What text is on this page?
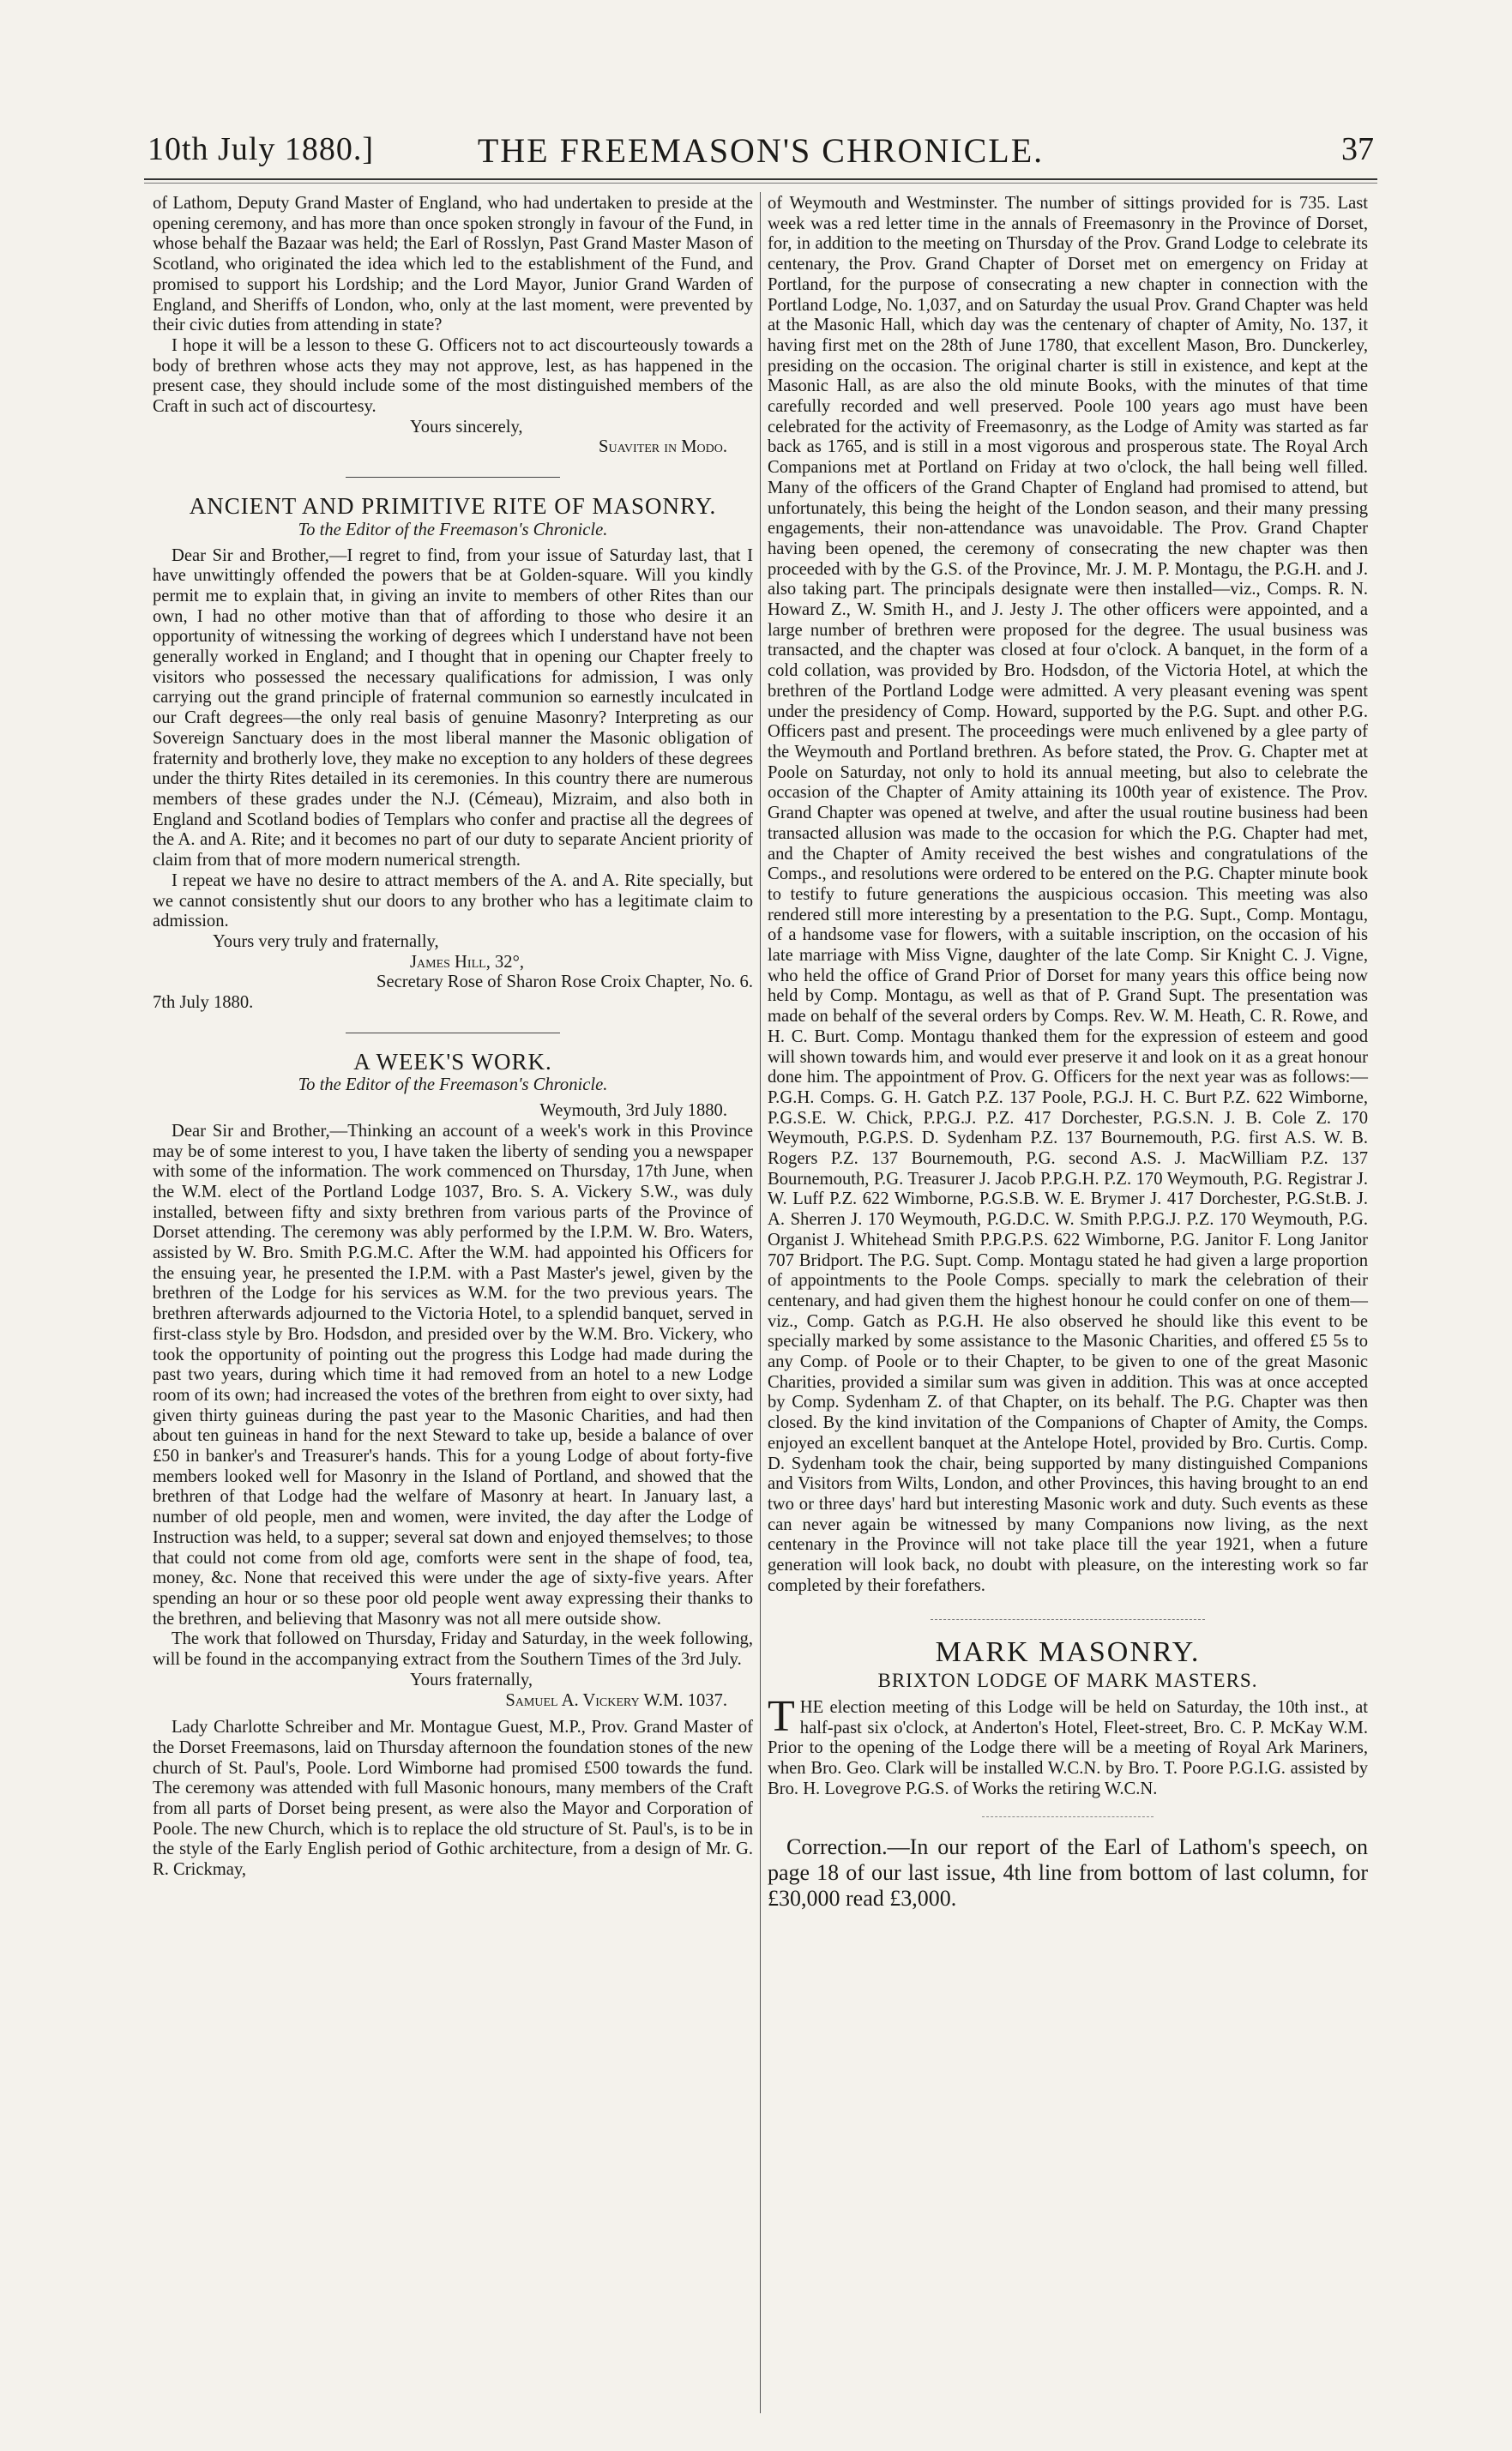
10th July 1880.]	THE FREEMASON'S CHRONICLE.	37

of Lathom, Deputy Grand Master of England, who had undertaken to preside at the opening ceremony, and has more than once spoken strongly in favour of the Fund, in whose behalf the Bazaar was held; the Earl of Rosslyn, Past Grand Master Mason of Scotland, who originated the idea which led to the establishment of the Fund, and promised to support his Lordship; and the Lord Mayor, Junior Grand Warden of England, and Sheriffs of London, who, only at the last moment, were prevented by their civic duties from attending in state?

I hope it will be a lesson to these G. Officers not to act discourteously towards a body of brethren whose acts they may not approve, lest, as has happened in the present case, they should include some of the most distinguished members of the Craft in such act of discourtesy.

Yours sincerely,

Suaviter in Modo.

ANCIENT AND PRIMITIVE RITE OF MASONRY.

To the Editor of the Freemason's Chronicle.

Dear Sir and Brother,—I regret to find, from your issue of Saturday last, that I have unwittingly offended the powers that be at Golden-square. Will you kindly permit me to explain that, in giving an invite to members of other Rites than our own, I had no other motive than that of affording to those who desire it an opportunity of witnessing the working of degrees which I understand have not been generally worked in England; and I thought that in opening our Chapter freely to visitors who possessed the necessary qualifications for admission, I was only carrying out the grand principle of fraternal communion so earnestly inculcated in our Craft degrees—the only real basis of genuine Masonry? Interpreting as our Sovereign Sanctuary does in the most liberal manner the Masonic obligation of fraternity and brotherly love, they make no exception to any holders of these degrees under the thirty Rites detailed in its ceremonies. In this country there are numerous members of these grades under the N.J. (Cémeau), Mizraim, and also both in England and Scotland bodies of Templars who confer and practise all the degrees of the A. and A. Rite; and it becomes no part of our duty to separate Ancient priority of claim from that of more modern numerical strength.

I repeat we have no desire to attract members of the A. and A. Rite specially, but we cannot consistently shut our doors to any brother who has a legitimate claim to admission.

Yours very truly and fraternally,

James Hill, 32°,

Secretary Rose of Sharon Rose Croix Chapter, No. 6.

7th July 1880.

A WEEK'S WORK.

To the Editor of the Freemason's Chronicle.

Weymouth, 3rd July 1880.

Dear Sir and Brother,—Thinking an account of a week's work in this Province may be of some interest to you, I have taken the liberty of sending you a newspaper with some of the information. The work commenced on Thursday, 17th June, when the W.M. elect of the Portland Lodge 1037, Bro. S. A. Vickery S.W., was duly installed, between fifty and sixty brethren from various parts of the Province of Dorset attending. The ceremony was ably performed by the I.P.M. W. Bro. Waters, assisted by W. Bro. Smith P.G.M.C. After the W.M. had appointed his Officers for the ensuing year, he presented the I.P.M. with a Past Master's jewel, given by the brethren of the Lodge for his services as W.M. for the two previous years. The brethren afterwards adjourned to the Victoria Hotel, to a splendid banquet, served in first-class style by Bro. Hodsdon, and presided over by the W.M. Bro. Vickery, who took the opportunity of pointing out the progress this Lodge had made during the past two years, during which time it had removed from an hotel to a new Lodge room of its own; had increased the votes of the brethren from eight to over sixty, had given thirty guineas during the past year to the Masonic Charities, and had then about ten guineas in hand for the next Steward to take up, beside a balance of over £50 in banker's and Treasurer's hands. This for a young Lodge of about forty-five members looked well for Masonry in the Island of Portland, and showed that the brethren of that Lodge had the welfare of Masonry at heart. In January last, a number of old people, men and women, were invited, the day after the Lodge of Instruction was held, to a supper; several sat down and enjoyed themselves; to those that could not come from old age, comforts were sent in the shape of food, tea, money, &c. None that received this were under the age of sixty-five years. After spending an hour or so these poor old people went away expressing their thanks to the brethren, and believing that Masonry was not all mere outside show.

The work that followed on Thursday, Friday and Saturday, in the week following, will be found in the accompanying extract from the Southern Times of the 3rd July.

Yours fraternally,

Samuel A. Vickery W.M. 1037.

Lady Charlotte Schreiber and Mr. Montague Guest, M.P., Prov. Grand Master of the Dorset Freemasons, laid on Thursday afternoon the foundation stones of the new church of St. Paul's, Poole. Lord Wimborne had promised £500 towards the fund. The ceremony was attended with full Masonic honours, many members of the Craft from all parts of Dorset being present, as were also the Mayor and Corporation of Poole. The new Church, which is to replace the old structure of St. Paul's, is to be in the style of the Early English period of Gothic architecture, from a design of Mr. G. R. Crickmay,

of Weymouth and Westminster. The number of sittings provided for is 735. Last week was a red letter time in the annals of Freemasonry in the Province of Dorset, for, in addition to the meeting on Thursday of the Prov. Grand Lodge to celebrate its centenary, the Prov. Grand Chapter of Dorset met on emergency on Friday at Portland, for the purpose of consecrating a new chapter in connection with the Portland Lodge, No. 1,037, and on Saturday the usual Prov. Grand Chapter was held at the Masonic Hall, which day was the centenary of chapter of Amity, No. 137, it having first met on the 28th of June 1780, that excellent Mason, Bro. Dunckerley, presiding on the occasion. The original charter is still in existence, and kept at the Masonic Hall, as are also the old minute Books, with the minutes of that time carefully recorded and well preserved. Poole 100 years ago must have been celebrated for the activity of Freemasonry, as the Lodge of Amity was started as far back as 1765, and is still in a most vigorous and prosperous state. The Royal Arch Companions met at Portland on Friday at two o'clock, the hall being well filled. Many of the officers of the Grand Chapter of England had promised to attend, but unfortunately, this being the height of the London season, and their many pressing engagements, their non-attendance was unavoidable. The Prov. Grand Chapter having been opened, the ceremony of consecrating the new chapter was then proceeded with by the G.S. of the Province, Mr. J. M. P. Montagu, the P.G.H. and J. also taking part. The principals designate were then installed—viz., Comps. R. N. Howard Z., W. Smith H., and J. Jesty J. The other officers were appointed, and a large number of brethren were proposed for the degree. The usual business was transacted, and the chapter was closed at four o'clock. A banquet, in the form of a cold collation, was provided by Bro. Hodsdon, of the Victoria Hotel, at which the brethren of the Portland Lodge were admitted. A very pleasant evening was spent under the presidency of Comp. Howard, supported by the P.G. Supt. and other P.G. Officers past and present. The proceedings were much enlivened by a glee party of the Weymouth and Portland brethren. As before stated, the Prov. G. Chapter met at Poole on Saturday, not only to hold its annual meeting, but also to celebrate the occasion of the Chapter of Amity attaining its 100th year of existence. The Prov. Grand Chapter was opened at twelve, and after the usual routine business had been transacted allusion was made to the occasion for which the P.G. Chapter had met, and the Chapter of Amity received the best wishes and congratulations of the Comps., and resolutions were ordered to be entered on the P.G. Chapter minute book to testify to future generations the auspicious occasion. This meeting was also rendered still more interesting by a presentation to the P.G. Supt., Comp. Montagu, of a handsome vase for flowers, with a suitable inscription, on the occasion of his late marriage with Miss Vigne, daughter of the late Comp. Sir Knight C. J. Vigne, who held the office of Grand Prior of Dorset for many years this office being now held by Comp. Montagu, as well as that of P. Grand Supt. The presentation was made on behalf of the several orders by Comps. Rev. W. M. Heath, C. R. Rowe, and H. C. Burt. Comp. Montagu thanked them for the expression of esteem and good will shown towards him, and would ever preserve it and look on it as a great honour done him. The appointment of Prov. G. Officers for the next year was as follows:—P.G.H. Comps. G. H. Gatch P.Z. 137 Poole, P.G.J. H. C. Burt P.Z. 622 Wimborne, P.G.S.E. W. Chick, P.P.G.J. P.Z. 417 Dorchester, P.G.S.N. J. B. Cole Z. 170 Weymouth, P.G.P.S. D. Sydenham P.Z. 137 Bournemouth, P.G. first A.S. W. B. Rogers P.Z. 137 Bournemouth, P.G. second A.S. J. MacWilliam P.Z. 137 Bournemouth, P.G. Treasurer J. Jacob P.P.G.H. P.Z. 170 Weymouth, P.G. Registrar J. W. Luff P.Z. 622 Wimborne, P.G.S.B. W. E. Brymer J. 417 Dorchester, P.G.St.B. J. A. Sherren J. 170 Weymouth, P.G.D.C. W. Smith P.P.G.J. P.Z. 170 Weymouth, P.G. Organist J. Whitehead Smith P.P.G.P.S. 622 Wimborne, P.G. Janitor F. Long Janitor 707 Bridport. The P.G. Supt. Comp. Montagu stated he had given a large proportion of appointments to the Poole Comps. specially to mark the celebration of their centenary, and had given them the highest honour he could confer on one of them—viz., Comp. Gatch as P.G.H. He also observed he should like this event to be specially marked by some assistance to the Masonic Charities, and offered £5 5s to any Comp. of Poole or to their Chapter, to be given to one of the great Masonic Charities, provided a similar sum was given in addition. This was at once accepted by Comp. Sydenham Z. of that Chapter, on its behalf. The P.G. Chapter was then closed. By the kind invitation of the Companions of Chapter of Amity, the Comps. enjoyed an excellent banquet at the Antelope Hotel, provided by Bro. Curtis. Comp. D. Sydenham took the chair, being supported by many distinguished Companions and Visitors from Wilts, London, and other Provinces, this having brought to an end two or three days' hard but interesting Masonic work and duty. Such events as these can never again be witnessed by many Companions now living, as the next centenary in the Province will not take place till the year 1921, when a future generation will look back, no doubt with pleasure, on the interesting work so far completed by their forefathers.

MARK MASONRY.

BRIXTON LODGE OF MARK MASTERS.

THE election meeting of this Lodge will be held on Saturday, the 10th inst., at half-past six o'clock, at Anderton's Hotel, Fleet-street, Bro. C. P. McKay W.M. Prior to the opening of the Lodge there will be a meeting of Royal Ark Mariners, when Bro. Geo. Clark will be installed W.C.N. by Bro. T. Poore P.G.I.G. assisted by Bro. H. Lovegrove P.G.S. of Works the retiring W.C.N.

Correction.—In our report of the Earl of Lathom's speech, on page 18 of our last issue, 4th line from bottom of last column, for £30,000 read £3,000.
